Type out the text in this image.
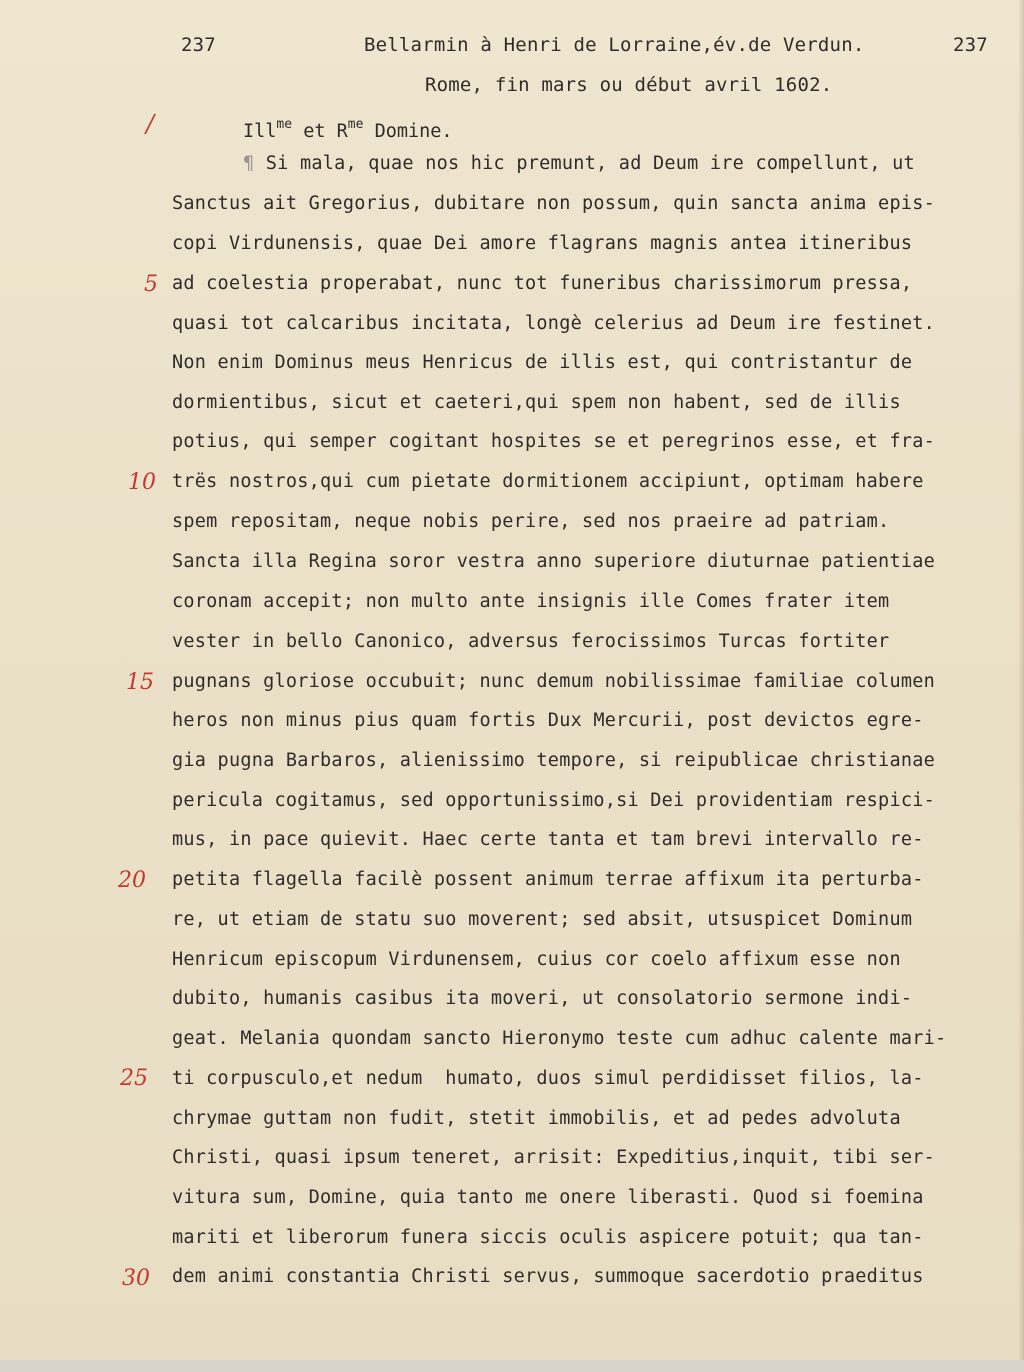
237	Bellarmin à Henri de Lorraine,év.de Verdun.	237
Rome, fin mars ou début avril 1602.
/	Ill$^{me}$ et $R^{me}$ Domine.
¶ Si mala, quae nos hic premunt, ad Deum ire compellunt, ut
Sanctus ait Gregorius, dubitare non possum, quin sancta anima epis-
copi Virdunensis, quae Dei amore flagrans magnis antea itineribus
ad coelestia properabat, nunc tot funeribus charissimorum pressa,
quasi tot calcaribus incitata, longè celerius ad Deum ire festinet.
Non enim Dominus meus Henricus de illis est, qui contristantur de
dormientibus, sicut et caeteri,qui spem non habent, sed de illis
potius, qui semper cogitant hospites se et peregrinos esse, et fra-
trës nostros,qui cum pietate dormitionem accipiunt, optimam habere
spem repositam, neque nobis perire, sed nos praeire ad patriam.
Sancta illa Regina soror vestra anno superiore diuturnae patientiae
coronam accepit; non multo ante insignis ille Comes frater item
vester in bello Canonico, adversus ferocissimos Turcas fortiter
pugnans gloriose occubuit; nunc demum nobilissimae familiae columen
heros non minus pius quam fortis Dux Mercurii, post devictos egre-
gia pugna Barbaros, alienissimo tempore, si reipublicae christianae
pericula cogitamus, sed opportunissimo,si Dei providentiam respici-
mus, in pace quievit. Haec certe tanta et tam brevi intervallo re-
petita flagella facilè possent animum terrae affixum ita perturba-
re, ut etiam de statu suo moverent; sed absit, utsuspicet Dominum
Henricum episcopum Virdunensem, cuius cor coelo affixum esse non
dubito, humanis casibus ita moveri, ut consolatorio sermone indi-
geat. Melania quondam sancto Hieronymo teste cum adhuc calente mari-
ti corpusculo,et nedum  humato, duos simul perdidisset filios, la-
chrymae guttam non fudit, stetit immobilis, et ad pedes advoluta
Christi, quasi ipsum teneret, arrisit: Expeditius,inquit, tibi ser-
vitura sum, Domine, quia tanto me onere liberasti. Quod si foemina
mariti et liberorum funera siccis oculis aspicere potuit; qua tan-
dem animi constantia Christi servus, summoque sacerdotio praeditus
5
10
15
20
25
30
